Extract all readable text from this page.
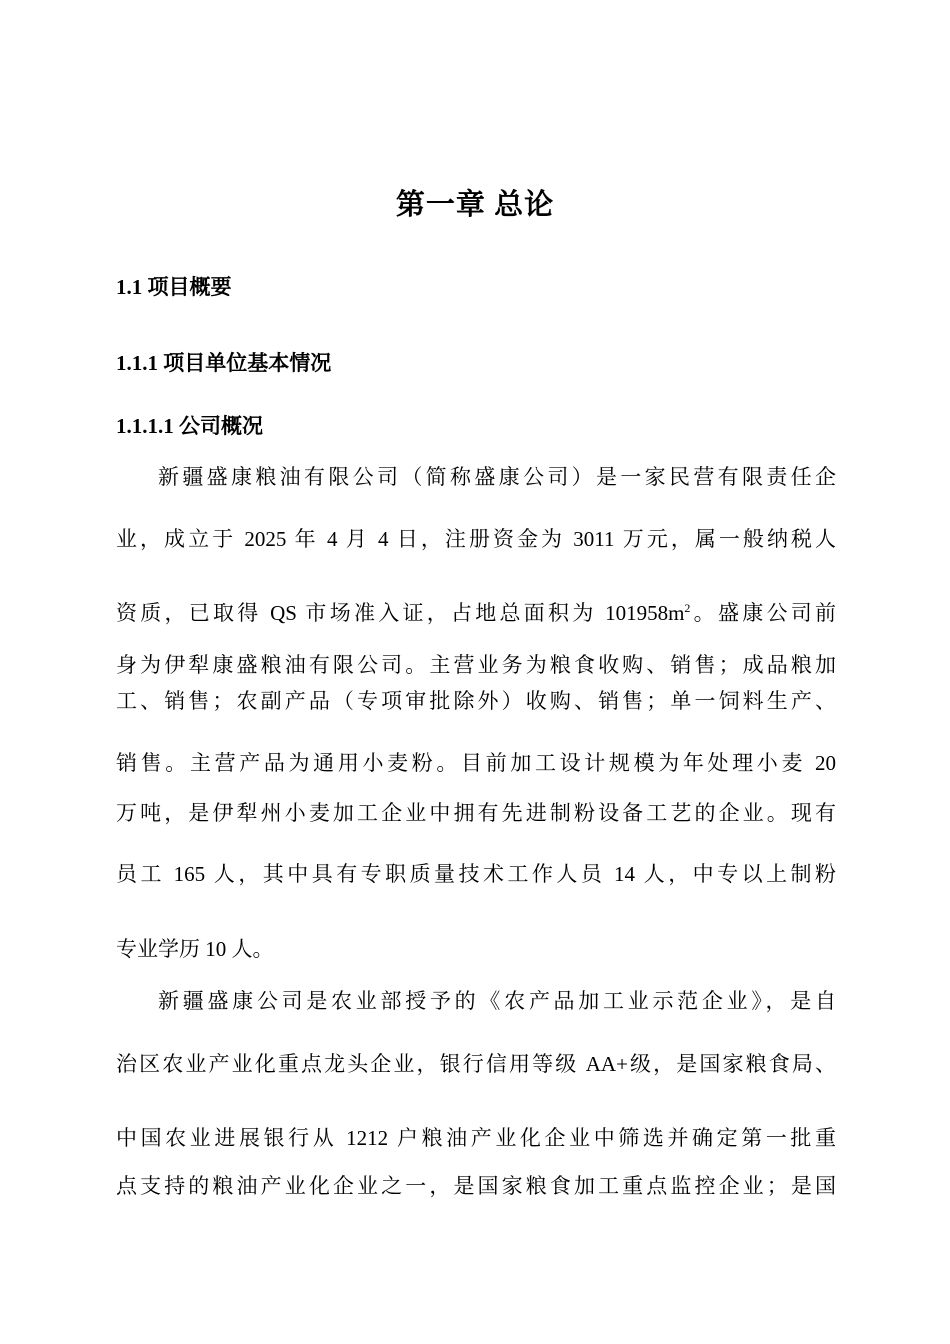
第一章 总论
1.1 项目概要
1.1.1 项目单位基本情况
1.1.1.1 公司概况
新疆盛康粮油有限公司（简称盛康公司）是一家民营有限责任企
业，成立于 2025 年 4 月 4 日，注册资金为 3011 万元，属一般纳税人
资质，已取得 QS 市场准入证，占地总面积为 $101958m^2$。盛康公司前
身为伊犁康盛粮油有限公司。主营业务为粮食收购、销售；成品粮加
工、销售；农副产品（专项审批除外）收购、销售；单一饲料生产、
销售。主营产品为通用小麦粉。目前加工设计规模为年处理小麦 20
万吨，是伊犁州小麦加工企业中拥有先进制粉设备工艺的企业。现有
员工 165 人，其中具有专职质量技术工作人员 14 人，中专以上制粉
专业学历 10 人。
新疆盛康公司是农业部授予的《农产品加工业示范企业》，是自
治区农业产业化重点龙头企业，银行信用等级 AA+级，是国家粮食局、
中国农业进展银行从 1212 户粮油产业化企业中筛选并确定第一批重
点支持的粮油产业化企业之一，是国家粮食加工重点监控企业；是国
